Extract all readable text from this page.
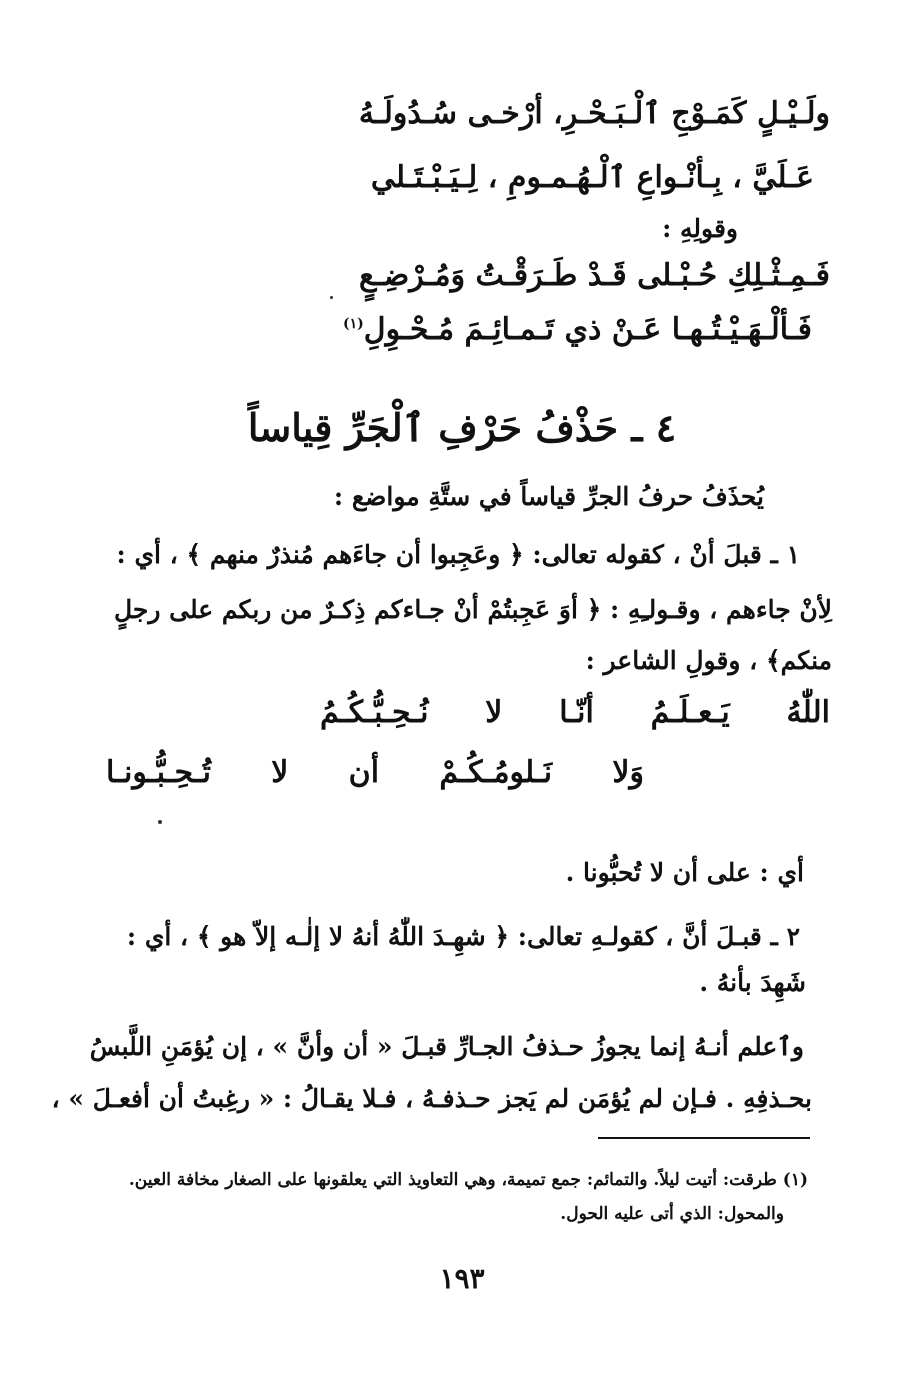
ولَـيْـلٍ كَمَـوْجِ ٱلْـبَـحْـرِ، أرْخـى سُـدُولَـهُ
عَـلَيَّ ، بِـأنْـواعِ ٱلْـهُـمـومِ ، لِـيَـبْـتَـلي
وقولِهِ :
فَـمِـثْـلِكِ حُـبْـلى قَـدْ طَـرَقْـتُ وَمُـرْضِـعٍ
فَـألْـهَـيْـتُـهـا عَـنْ ذي تَـمـائِـمَ مُـحْـوِلِ$^{(١)}$
٤ ـ حَذْفُ حَرْفِ ٱلْجَرِّ قِياساً
يُحذَفُ حرفُ الجرِّ قياساً في ستَّةِ مواضع :
١ ـ قبلَ أنْ ، كقوله تعالى: ﴿ وعَجِبوا أن جاءَهم مُنذرٌ منهم ﴾ ، أي :
لِأنْ جاءهم ، وقـولـِهِ : ﴿ أوَ عَجِبتُمْ أنْ جـاءكم ذِكـرٌ من ربكم على رجلٍ
منكم﴾ ، وقولِ الشاعر :
اللّٰهُ
يَـعـلَـمُ
أنّـا
لا
نُـحِـبُّـكُـمُ
وَلا
نَـلومُـكُـمْ
أن
لا
تُـحِـبُّـونـا
أي : على أن لا تُحبُّونا .
٢ ـ قبـلَ أنَّ ، كقولـهِ تعالى: ﴿ شهِـدَ اللّٰهُ أنهُ لا إلٰـه إلاّ هو ﴾ ، أي :
شَهِدَ بأنهُ .
وٱعلم أنـهُ إنما يجوزُ حـذفُ الجـارِّ قبـلَ « أن وأنَّ » ، إن يُؤمَنِ اللَّبسُ
بحـذفِهِ . فـإن لم يُؤمَن لم يَجز حـذفـهُ ، فـلا يقـالُ : « رغِبتُ أن أفعـلَ » ،
(١) طرقت: أتيت ليلاً. والتمائم: جمع تميمة، وهي التعاويذ التي يعلقونها على الصغار مخافة العين.
والمحول: الذي أتى عليه الحول.
١٩٣
